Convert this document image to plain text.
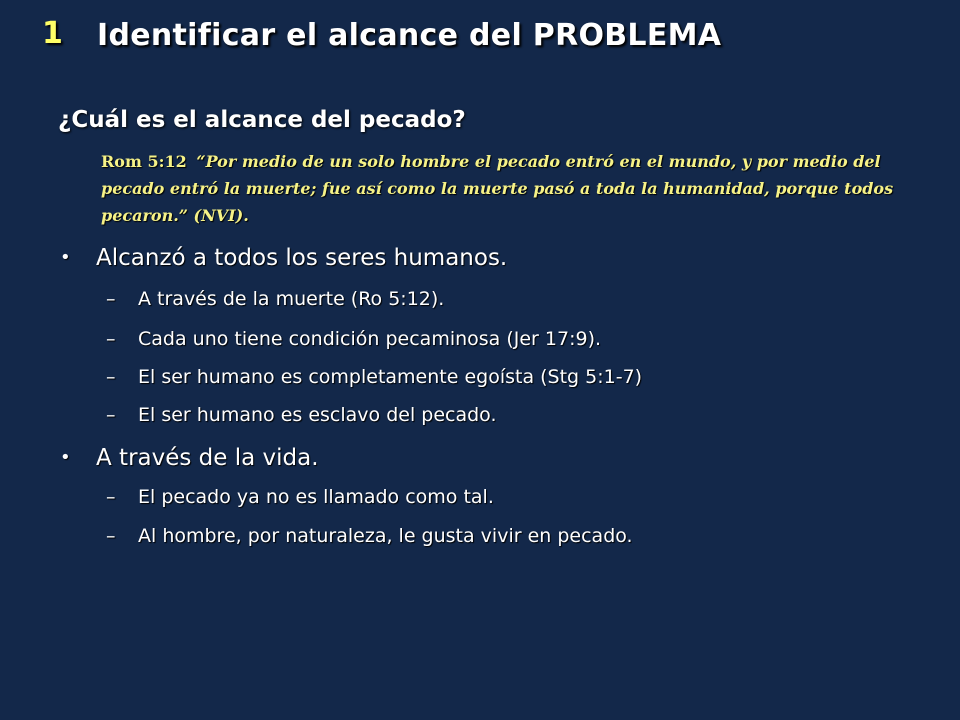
1 Identificar el alcance del PROBLEMA
¿Cuál es el alcance del pecado?
Rom 5:12 “Por medio de un solo hombre el pecado entró en el mundo, y por medio del pecado entró la muerte; fue así como la muerte pasó a toda la humanidad, porque todos pecaron.” (NVI).
• Alcanzó a todos los seres humanos.
– A través de la muerte (Ro 5:12).
– Cada uno tiene condición pecaminosa (Jer 17:9).
– El ser humano es completamente egoísta (Stg 5:1-7)
– El ser humano es esclavo del pecado.
• A través de la vida.
– El pecado ya no es llamado como tal.
– Al hombre, por naturaleza, le gusta vivir en pecado.
